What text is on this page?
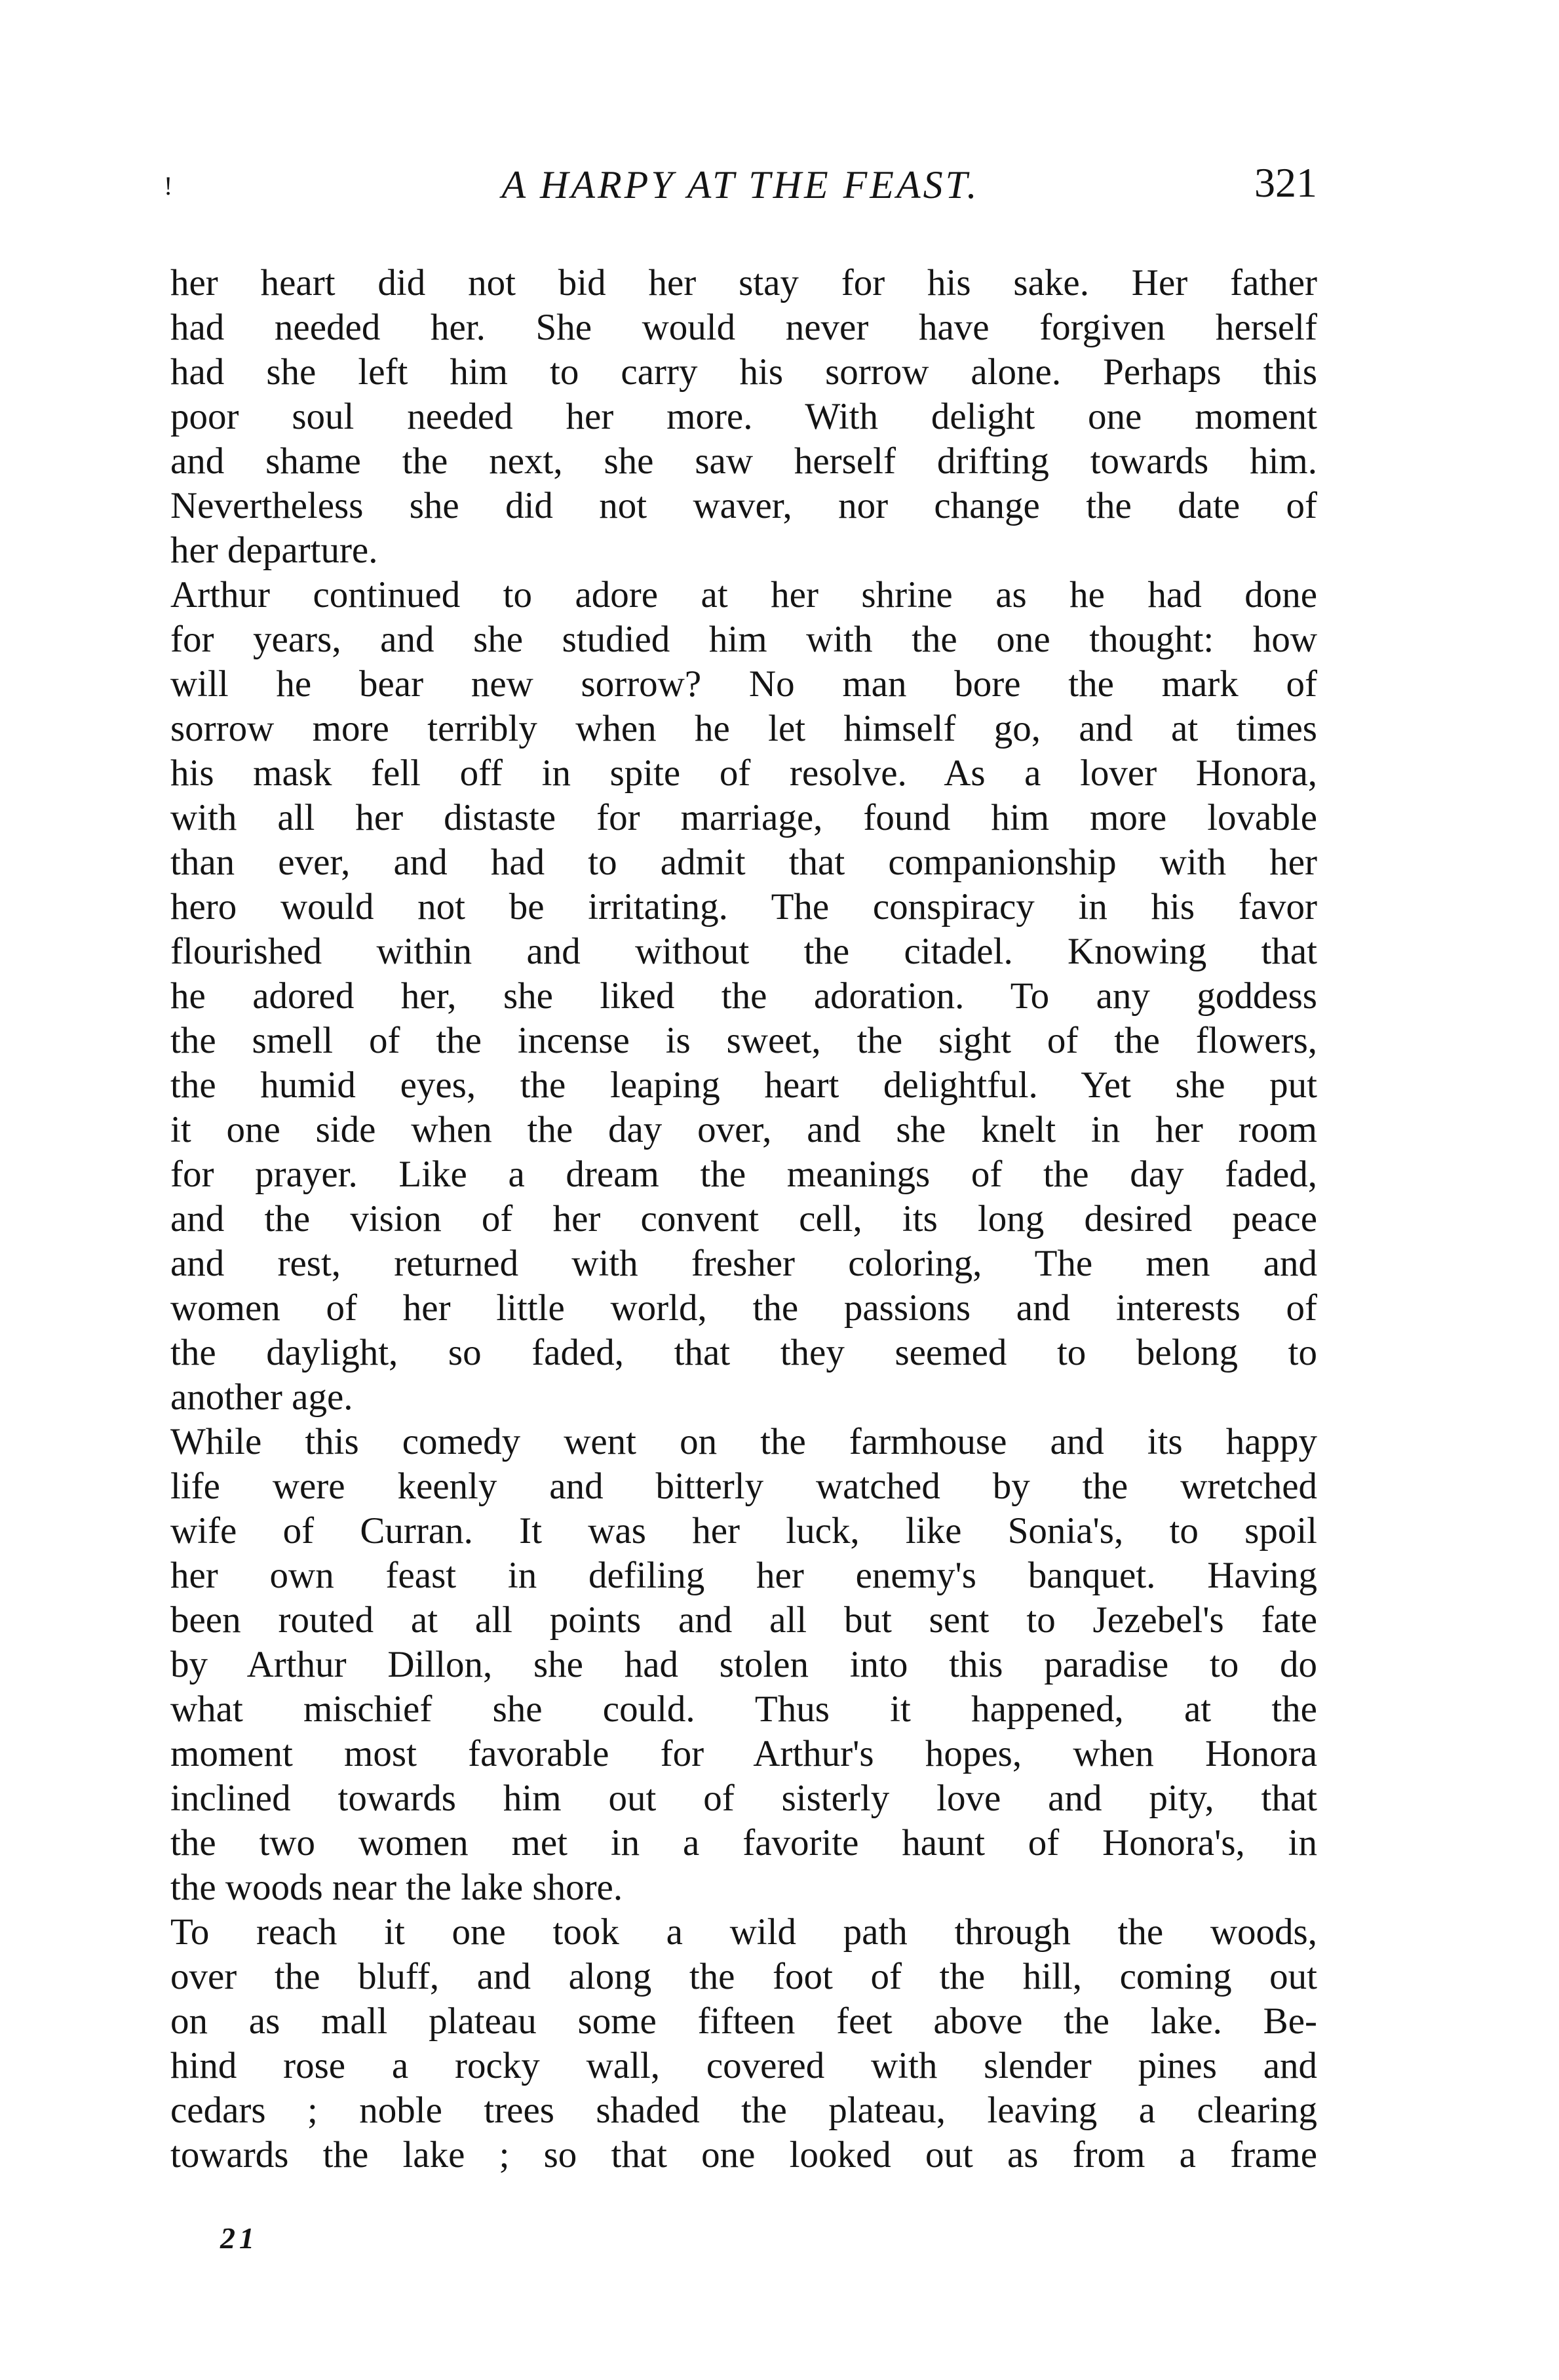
!	A HARPY AT THE FEAST.	321
her heart did not bid her stay for his sake. Her father
had needed her. She would never have forgiven herself
had she left him to carry his sorrow alone. Perhaps this
poor soul needed her more. With delight one moment
and shame the next, she saw herself drifting towards him.
Nevertheless she did not waver, nor change the date of
her departure.
Arthur continued to adore at her shrine as he had done
for years, and she studied him with the one thought: how
will he bear new sorrow? No man bore the mark of
sorrow more terribly when he let himself go, and at times
his mask fell off in spite of resolve. As a lover Honora,
with all her distaste for marriage, found him more lovable
than ever, and had to admit that companionship with her
hero would not be irritating. The conspiracy in his favor
flourished within and without the citadel. Knowing that
he adored her, she liked the adoration. To any goddess
the smell of the incense is sweet, the sight of the flowers,
the humid eyes, the leaping heart delightful. Yet she put
it one side when the day over, and she knelt in her room
for prayer. Like a dream the meanings of the day faded,
and the vision of her convent cell, its long desired peace
and rest, returned with fresher coloring, The men and
women of her little world, the passions and interests of
the daylight, so faded, that they seemed to belong to
another age.
While this comedy went on the farmhouse and its happy
life were keenly and bitterly watched by the wretched
wife of Curran. It was her luck, like Sonia's, to spoil
her own feast in defiling her enemy's banquet. Having
been routed at all points and all but sent to Jezebel's fate
by Arthur Dillon, she had stolen into this paradise to do
what mischief she could. Thus it happened, at the
moment most favorable for Arthur's hopes, when Honora
inclined towards him out of sisterly love and pity, that
the two women met in a favorite haunt of Honora's, in
the woods near the lake shore.
To reach it one took a wild path through the woods,
over the bluff, and along the foot of the hill, coming out
on as mall plateau some fifteen feet above the lake. Be-
hind rose a rocky wall, covered with slender pines and
cedars ; noble trees shaded the plateau, leaving a clearing
towards the lake ; so that one looked out as from a frame
21
